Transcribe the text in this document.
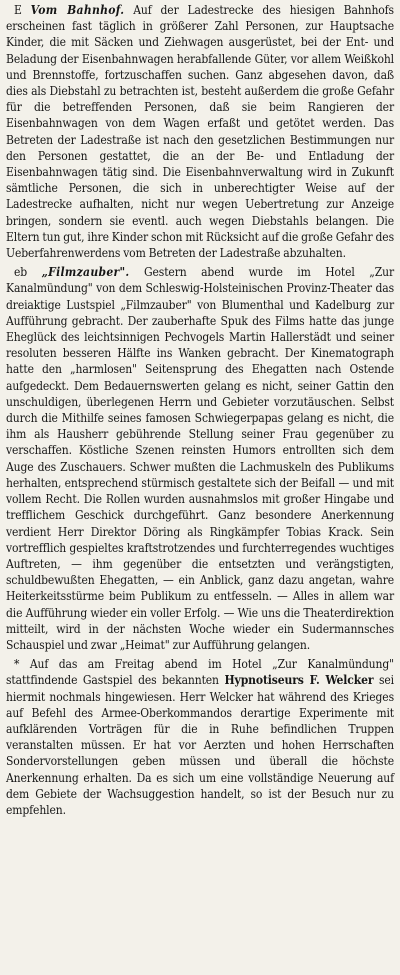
E Vom Bahnhof. Auf der Ladestrecke des hiesigen Bahnhofs erscheinen fast täglich in größerer Zahl Personen, zur Hauptsache Kinder, die mit Säcken und Ziehwagen ausgerüstet, bei der Ent- und Beladung der Eisenbahnwagen herabfallende Güter, vor allem Weißkohl und Brennstoffe, fortzuschaffen suchen. Ganz abgesehen davon, daß dies als Diebstahl zu betrachten ist, besteht außerdem die große Gefahr für die betreffenden Personen, daß sie beim Rangieren der Eisenbahnwagen von dem Wagen erfaßt und getötet werden. Das Betreten der Ladestraße ist nach den gesetzlichen Bestimmungen nur den Personen gestattet, die an der Be- und Entladung der Eisenbahnwagen tätig sind. Die Eisenbahnverwaltung wird in Zukunft sämtliche Personen, die sich in unberechtigter Weise auf der Ladestrecke aufhalten, nicht nur wegen Uebertretung zur Anzeige bringen, sondern sie eventl. auch wegen Diebstahls belangen. Die Eltern tun gut, ihre Kinder schon mit Rücksicht auf die große Gefahr des Ueberfahrenwerdens vom Betreten der Ladestraße abzuhalten.

eb „Filmzauber". Gestern abend wurde im Hotel „Zur Kanalmündung" von dem Schleswig-Holsteinischen Provinz-Theater das dreiaktige Lustspiel „Filmzauber" von Blumenthal und Kadelburg zur Aufführung gebracht. Der zauberhafte Spuk des Films hatte das junge Eheglück des leichtsinnigen Pechvogels Martin Hallerstädt und seiner resoluten besseren Hälfte ins Wanken gebracht. Der Kinematograph hatte den „harmlosen" Seitensprung des Ehegatten nach Ostende aufgedeckt. Dem Bedauernswerten gelang es nicht, seiner Gattin den unschuldigen, überlegenen Herrn und Gebieter vorzutäuschen. Selbst durch die Mithilfe seines famosen Schwiegerpapas gelang es nicht, die ihm als Hausherr gebührende Stellung seiner Frau gegenüber zu verschaffen. Köstliche Szenen reinsten Humors entrollten sich dem Auge des Zuschauers. Schwer mußten die Lachmuskeln des Publikums herhalten, entsprechend stürmisch gestaltete sich der Beifall — und mit vollem Recht. Die Rollen wurden ausnahmslos mit großer Hingabe und trefflichem Geschick durchgeführt. Ganz besondere Anerkennung verdient Herr Direktor Döring als Ringkämpfer Tobias Krack. Sein vortrefflich gespieltes kraftstrotzendes und furchterregendes wuchtiges Auftreten, — ihm gegenüber die entsetzten und verängstigten, schuldbewußten Ehegatten, — ein Anblick, ganz dazu angetan, wahre Heiterkeitsstürme beim Publikum zu entfesseln. — Alles in allem war die Aufführung wieder ein voller Erfolg. — Wie uns die Theaterdirektion mitteilt, wird in der nächsten Woche wieder ein Sudermannsches Schauspiel und zwar „Heimat" zur Aufführung gelangen.

* Auf das am Freitag abend im Hotel „Zur Kanalmündung" stattfindende Gastspiel des bekannten Hypnotiseurs F. Welcker sei hiermit nochmals hingewiesen. Herr Welcker hat während des Krieges auf Befehl des Armee-Oberkommandos derartige Experimente mit aufklärenden Vorträgen für die in Ruhe befindlichen Truppen veranstalten müssen. Er hat vor Aerzten und hohen Herrschaften Sondervorstellungen geben müssen und überall die höchste Anerkennung erhalten. Da es sich um eine vollständige Neuerung auf dem Gebiete der Wachsuggestion handelt, so ist der Besuch nur zu empfehlen.
